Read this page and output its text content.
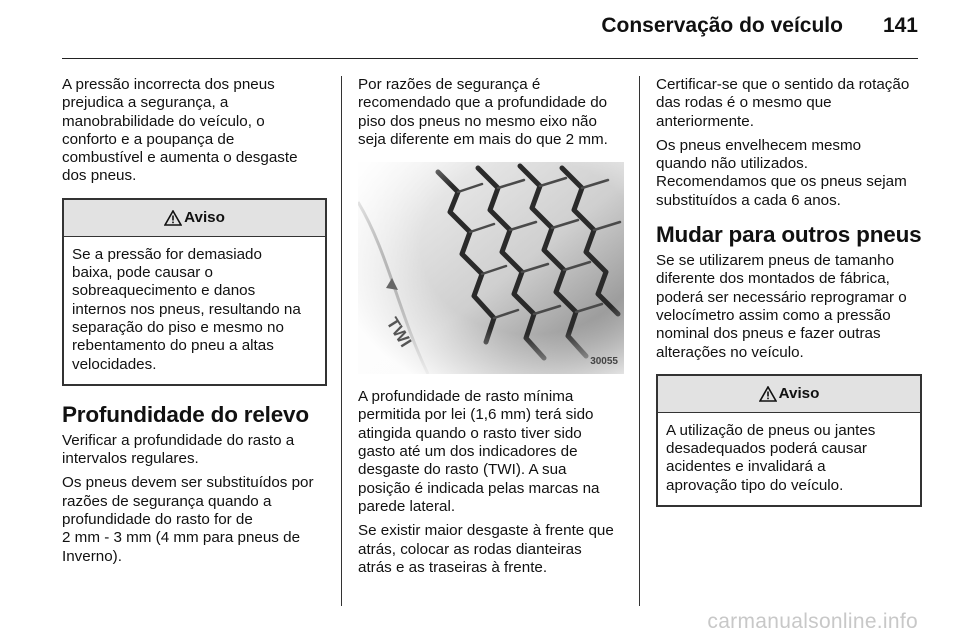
Conservação do veículo 141

A pressão incorrecta dos pneus
prejudica a segurança, a
manobrabilidade do veículo, o
conforto e a poupança de
combustível e aumenta o desgaste
dos pneus.

Aviso
Se a pressão for demasiado
baixa, pode causar o
sobreaquecimento e danos
internos nos pneus, resultando na
separação do piso e mesmo no
rebentamento do pneu a altas
velocidades.
Profundidade do relevo

Verificar a profundidade do rasto a
intervalos regulares.

Os pneus devem ser substituídos por
razões de segurança quando a
profundidade do rasto for de
2 mm - 3 mm (4 mm para pneus de
Inverno).

Por razões de segurança é
recomendado que a profundidade do
piso dos pneus no mesmo eixo não
seja diferente em mais do que 2 mm.

TWI
30055

A profundidade de rasto mínima
permitida por lei (1,6 mm) terá sido
atingida quando o rasto tiver sido
gasto até um dos indicadores de
desgaste do rasto (TWI). A sua
posição é indicada pelas marcas na
parede lateral.

Se existir maior desgaste à frente que
atrás, colocar as rodas dianteiras
atrás e as traseiras à frente.

Certificar-se que o sentido da rotação
das rodas é o mesmo que
anteriormente.

Os pneus envelhecem mesmo
quando não utilizados.
Recomendamos que os pneus sejam
substituídos a cada 6 anos.

Mudar para outros pneus

Se se utilizarem pneus de tamanho
diferente dos montados de fábrica,
poderá ser necessário reprogramar o
velocímetro assim como a pressão
nominal dos pneus e fazer outras
alterações no veículo.

Aviso
A utilização de pneus ou jantes
desadequados poderá causar
acidentes e invalidará a
aprovação tipo do veículo.
carmanualsonline.info
